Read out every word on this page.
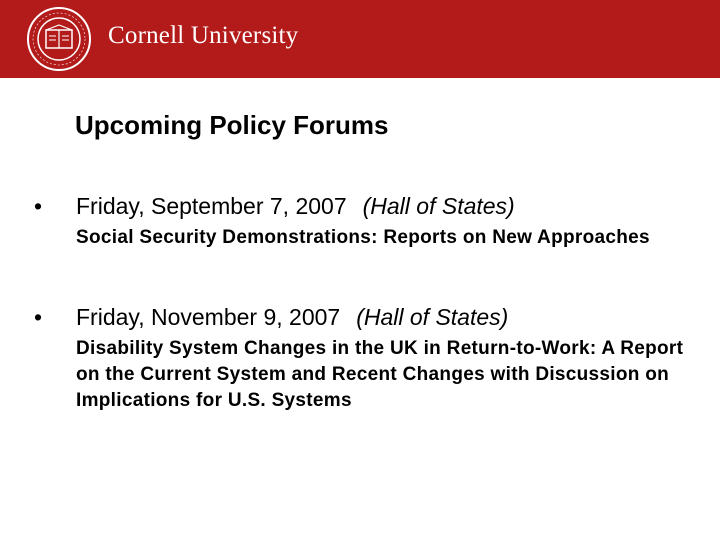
Cornell University
Upcoming Policy Forums
• Friday, September 7, 2007 (Hall of States)
Social Security Demonstrations: Reports on New Approaches
• Friday, November 9, 2007 (Hall of States)
Disability System Changes in the UK in Return-to-Work: A Report on the Current System and Recent Changes with Discussion on Implications for U.S. Systems
